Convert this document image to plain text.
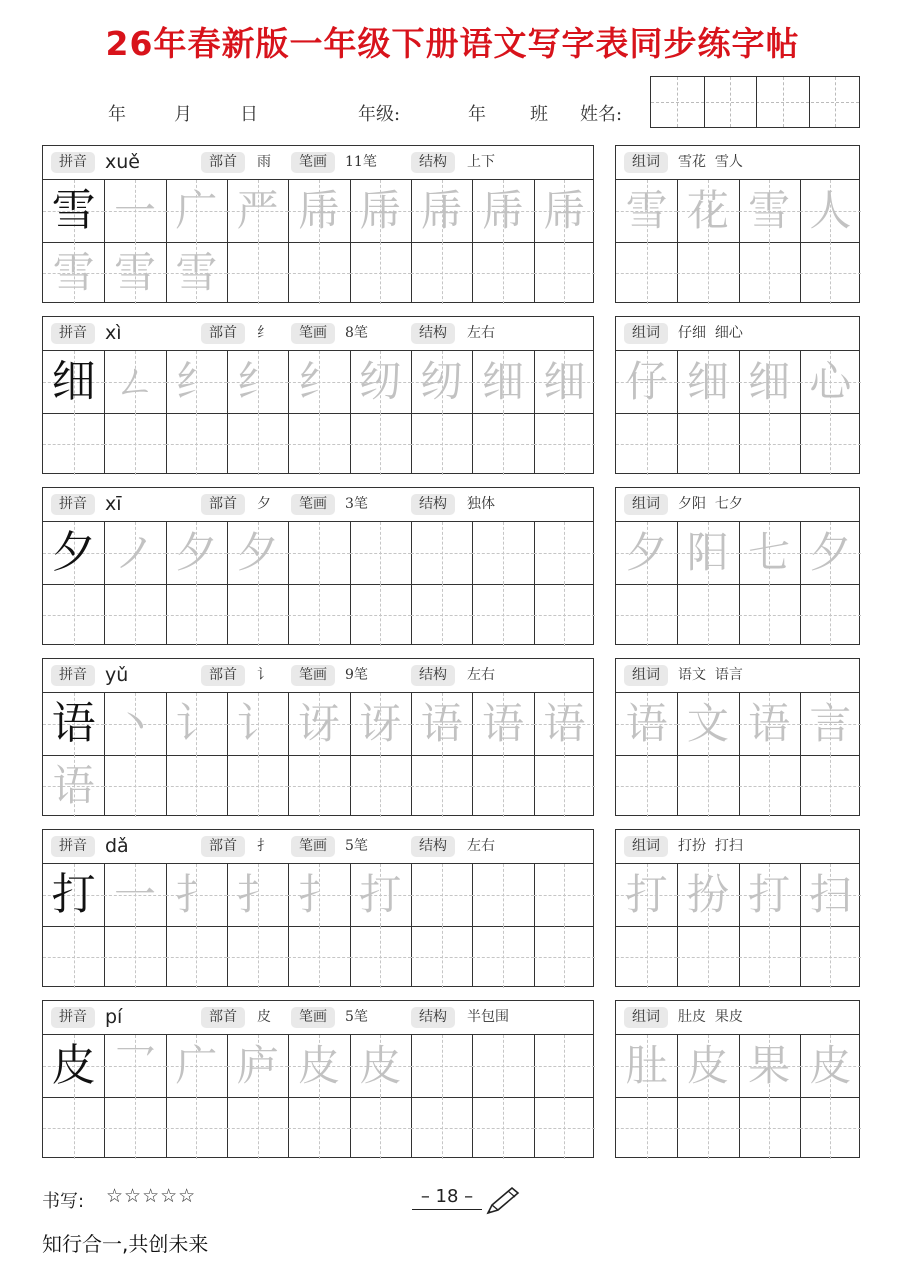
26年春新版一年级下册语文写字表同步练字帖
年	月	日	年级:	年 班 姓名:
拼音 xuě	部首	雨	笔画	11笔	结构	上下
雪 一 广 严 乕 乕 乕 乕 乕
雪 雪 雪
组词	雪花  雪人
雪 花 雪 人
拼音 xì	部首	纟	笔画	8笔	结构	左右
细 ㄥ 纟 纟 纟 纫 纫 细 细
组词	仔细  细心
仔 细 细 心
拼音 xī	部首	夕	笔画	3笔	结构	独体
夕 ノ 夕 夕
组词	夕阳  七夕
夕 阳 七 夕
拼音 yǔ	部首	讠	笔画	9笔	结构	左右
语 丶 讠 讠 讶 讶 语 语 语
语
组词	语文  语言
语 文 语 言
拼音 dǎ	部首	扌	笔画	5笔	结构	左右
打 一 扌 扌 扌 打
组词	打扮  打扫
打 扮 打 扫
拼音 pí	部首	皮	笔画	5笔	结构	半包围
皮 乛 广 庐 皮 皮
组词	肚皮  果皮
肚 皮 果 皮
书写: ☆☆☆☆☆	– 18 –
知行合一,共创未来
